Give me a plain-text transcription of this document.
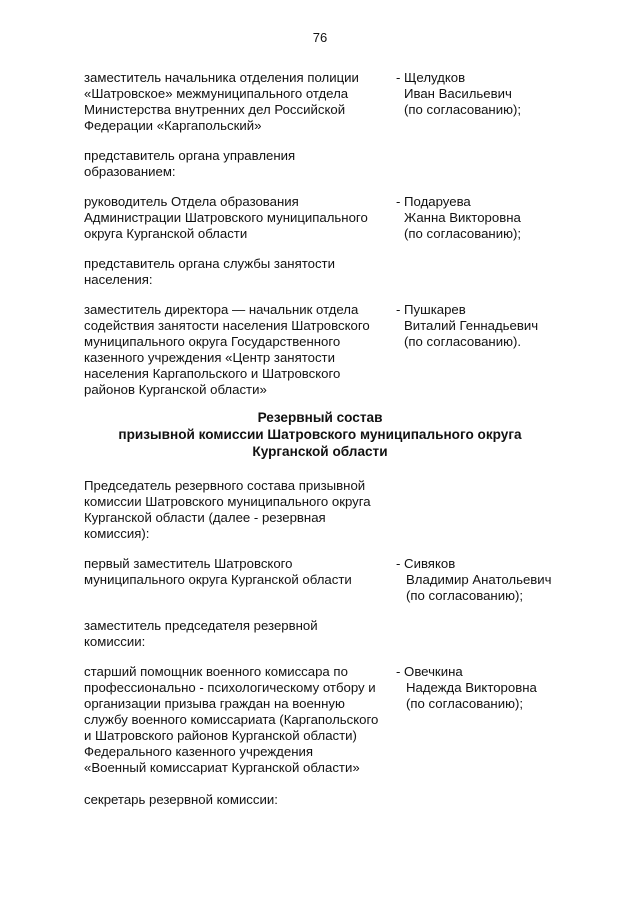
76
заместитель начальника отделения полиции
«Шатровское» межмуниципального отдела
Министерства внутренних дел Российской
Федерации «Каргапольский»
- Щелудков
Иван Васильевич
(по согласованию);
представитель органа управления
образованием:
руководитель Отдела образования
Администрации Шатровского муниципального
округа Курганской области
- Подаруева
Жанна Викторовна
(по согласованию);
представитель органа службы занятости
населения:
заместитель директора — начальник отдела
содействия занятости населения Шатровского
муниципального округа Государственного
казенного учреждения «Центр занятости
населения Каргапольского и Шатровского
районов Курганской области»
- Пушкарев
Виталий Геннадьевич
(по согласованию).
Резервный состав
призывной комиссии Шатровского муниципального округа
Курганской области
Председатель резервного состава призывной
комиссии Шатровского муниципального округа
Курганской области (далее - резервная
комиссия):
первый заместитель Шатровского
муниципального округа Курганской области
- Сивяков
Владимир Анатольевич
(по согласованию);
заместитель председателя резервной
комиссии:
старший помощник военного комиссара по
профессионально - психологическому отбору и
организации призыва граждан на военную
службу военного комиссариата (Каргапольского
и Шатровского районов Курганской области)
Федерального казенного учреждения
«Военный комиссариат Курганской области»
- Овечкина
Надежда Викторовна
(по согласованию);
секретарь резервной комиссии:
